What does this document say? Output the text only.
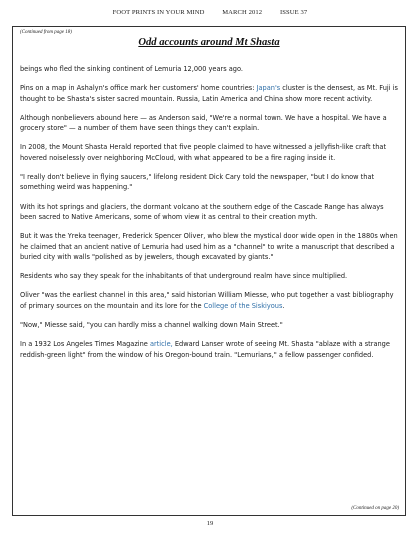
FOOT PRINTS IN YOUR MIND	MARCH 2012	ISSUE 37
(Continued from page 18)
Odd accounts around Mt Shasta

beings who fled the sinking continent of Lemuria 12,000 years ago.

Pins on a map in Ashalyn's office mark her customers' home countries: Japan's cluster is the densest, as Mt. Fuji is thought to be Shasta's sister sacred mountain. Russia, Latin America and China show more recent activity.

Although nonbelievers abound here — as Anderson said, "We're a normal town. We have a hospital. We have a grocery store" — a number of them have seen things they can't explain.

In 2008, the Mount Shasta Herald reported that five people claimed to have witnessed a jellyfish-like craft that hovered noiselessly over neighboring McCloud, with what appeared to be a fire raging inside it.

"I really don't believe in flying saucers," lifelong resident Dick Cary told the newspaper, "but I do know that something weird was happening."

With its hot springs and glaciers, the dormant volcano at the southern edge of the Cascade Range has always been sacred to Native Americans, some of whom view it as central to their creation myth.

But it was the Yreka teenager, Frederick Spencer Oliver, who blew the mystical door wide open in the 1880s when he claimed that an ancient native of Lemuria had used him as a "channel" to write a manuscript that described a buried city with walls "polished as by jewelers, though excavated by giants."

Residents who say they speak for the inhabitants of that underground realm have since multiplied.

Oliver "was the earliest channel in this area," said historian William Miesse, who put together a vast bibliography of primary sources on the mountain and its lore for the College of the Siskiyous.

"Now," Miesse said, "you can hardly miss a channel walking down Main Street."

In a 1932 Los Angeles Times Magazine article, Edward Lanser wrote of seeing Mt. Shasta "ablaze with a strange reddish-green light" from the window of his Oregon-bound train. "Lemurians," a fellow passenger confided.

(Continued on page 20)
19
